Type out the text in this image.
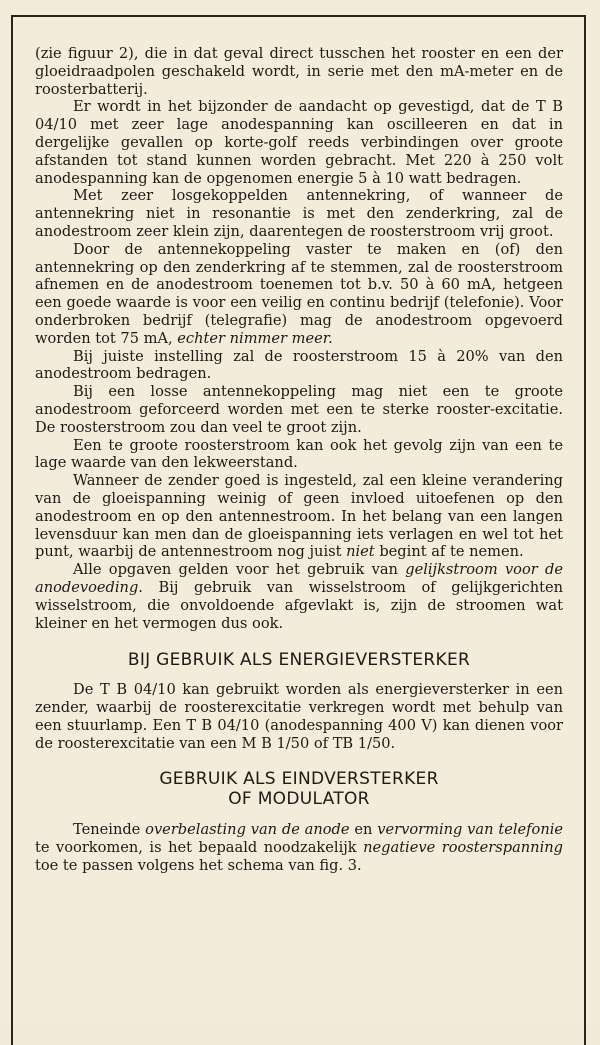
(zie figuur 2), die in dat geval direct tusschen het rooster en een der gloeidraadpolen geschakeld wordt, in serie met den mA-meter en de roosterbatterij.

Er wordt in het bijzonder de aandacht op gevestigd, dat de T B 04/10 met zeer lage anodespanning kan oscilleeren en dat in dergelijke gevallen op korte-golf reeds verbindingen over groote afstanden tot stand kunnen worden gebracht. Met 220 à 250 volt anodespanning kan de opgenomen energie 5 à 10 watt bedragen.

Met zeer losgekoppelden antennekring, of wanneer de antennekring niet in resonantie is met den zenderkring, zal de anodestroom zeer klein zijn, daarentegen de roosterstroom vrij groot.

Door de antennekoppeling vaster te maken en (of) den antennekring op den zenderkring af te stemmen, zal de roosterstroom afnemen en de anodestroom toenemen tot b.v. 50 à 60 mA, hetgeen een goede waarde is voor een veilig en continu bedrijf (telefonie). Voor onderbroken bedrijf (telegrafie) mag de anodestroom opgevoerd worden tot 75 mA, echter nimmer meer.

Bij juiste instelling zal de roosterstroom 15 à 20% van den anodestroom bedragen.

Bij een losse antennekoppeling mag niet een te groote anodestroom geforceerd worden met een te sterke rooster-excitatie. De roosterstroom zou dan veel te groot zijn.

Een te groote roosterstroom kan ook het gevolg zijn van een te lage waarde van den lekweerstand.

Wanneer de zender goed is ingesteld, zal een kleine verandering van de gloeispanning weinig of geen invloed uitoefenen op den anodestroom en op den antennestroom. In het belang van een langen levensduur kan men dan de gloeispanning iets verlagen en wel tot het punt, waarbij de antennestroom nog juist niet begint af te nemen.

Alle opgaven gelden voor het gebruik van gelijkstroom voor de anodevoeding. Bij gebruik van wisselstroom of gelijkgerichten wisselstroom, die onvoldoende afgevlakt is, zijn de stroomen wat kleiner en het vermogen dus ook.

BIJ GEBRUIK ALS ENERGIEVERSTERKER

De T B 04/10 kan gebruikt worden als energieversterker in een zender, waarbij de roosterexcitatie verkregen wordt met behulp van een stuurlamp. Een T B 04/10 (anodespanning 400 V) kan dienen voor de roosterexcitatie van een M B 1/50 of TB 1/50.

GEBRUIK ALS EINDVERSTERKER
OF MODULATOR

Teneinde overbelasting van de anode en vervorming van telefonie te voorkomen, is het bepaald noodzakelijk negatieve roosterspanning toe te passen volgens het schema van fig. 3.
